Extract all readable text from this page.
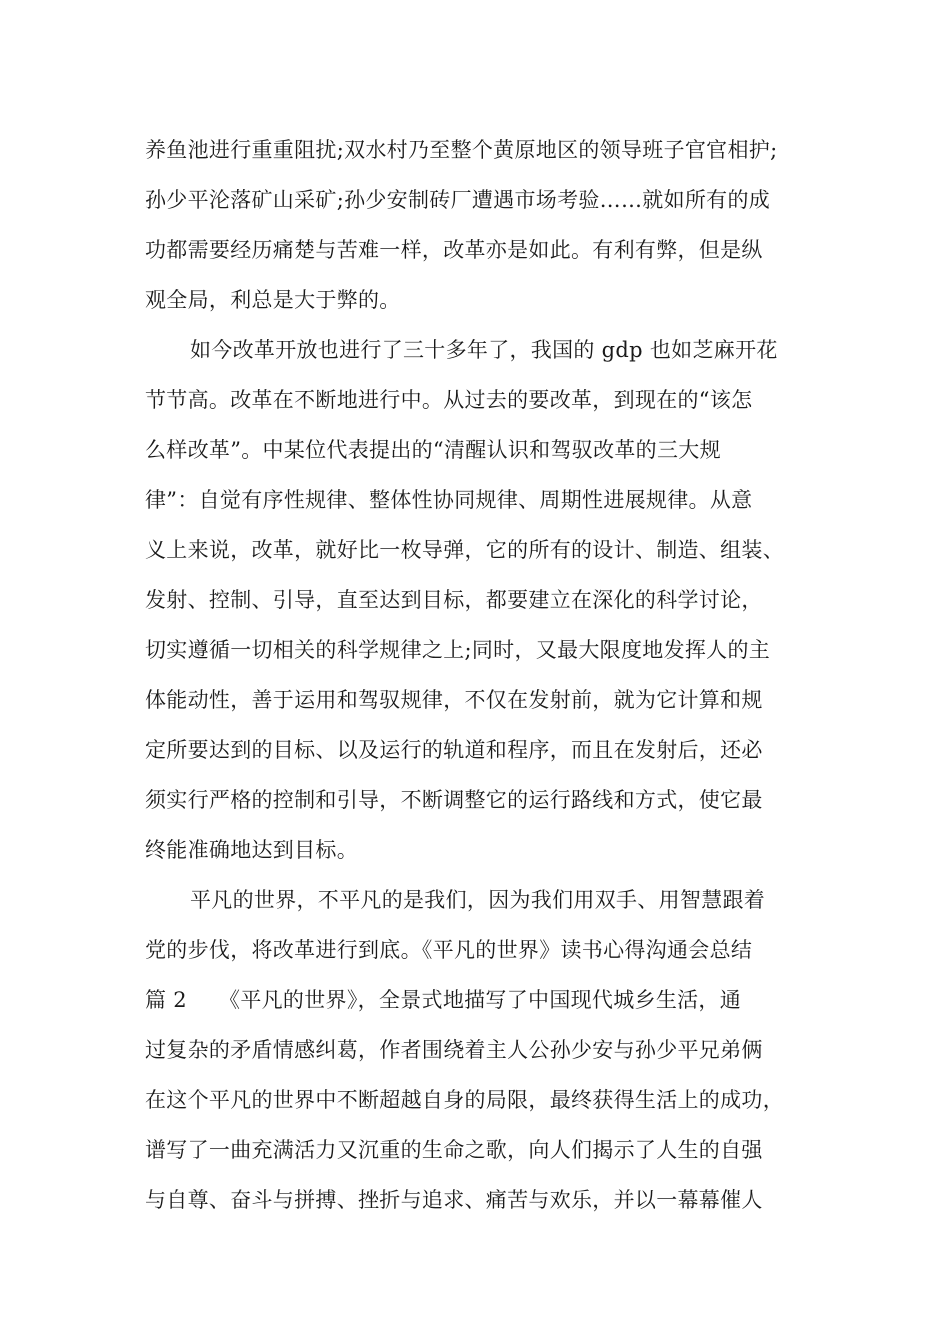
养鱼池进行重重阻扰;双水村乃至整个黄原地区的领导班子官官相护;
孙少平沦落矿山采矿;孙少安制砖厂遭遇市场考验……就如所有的成
功都需要经历痛楚与苦难一样，改革亦是如此。有利有弊，但是纵
观全局，利总是大于弊的。
如今改革开放也进行了三十多年了，我国的 gdp 也如芝麻开花
节节高。改革在不断地进行中。从过去的要改革，到现在的“该怎
么样改革”。中某位代表提出的“清醒认识和驾驭改革的三大规
律”：自觉有序性规律、整体性协同规律、周期性进展规律。从意
义上来说，改革，就好比一枚导弹，它的所有的设计、制造、组装、
发射、控制、引导，直至达到目标，都要建立在深化的科学讨论，
切实遵循一切相关的科学规律之上;同时，又最大限度地发挥人的主
体能动性，善于运用和驾驭规律，不仅在发射前，就为它计算和规
定所要达到的目标、以及运行的轨道和程序，而且在发射后，还必
须实行严格的控制和引导，不断调整它的运行路线和方式，使它最
终能准确地达到目标。
平凡的世界，不平凡的是我们，因为我们用双手、用智慧跟着
党的步伐，将改革进行到底。《平凡的世界》读书心得沟通会总结
篇 2　　《平凡的世界》，全景式地描写了中国现代城乡生活，通
过复杂的矛盾情感纠葛，作者围绕着主人公孙少安与孙少平兄弟俩
在这个平凡的世界中不断超越自身的局限，最终获得生活上的成功，
谱写了一曲充满活力又沉重的生命之歌，向人们揭示了人生的自强
与自尊、奋斗与拼搏、挫折与追求、痛苦与欢乐，并以一幕幕催人
